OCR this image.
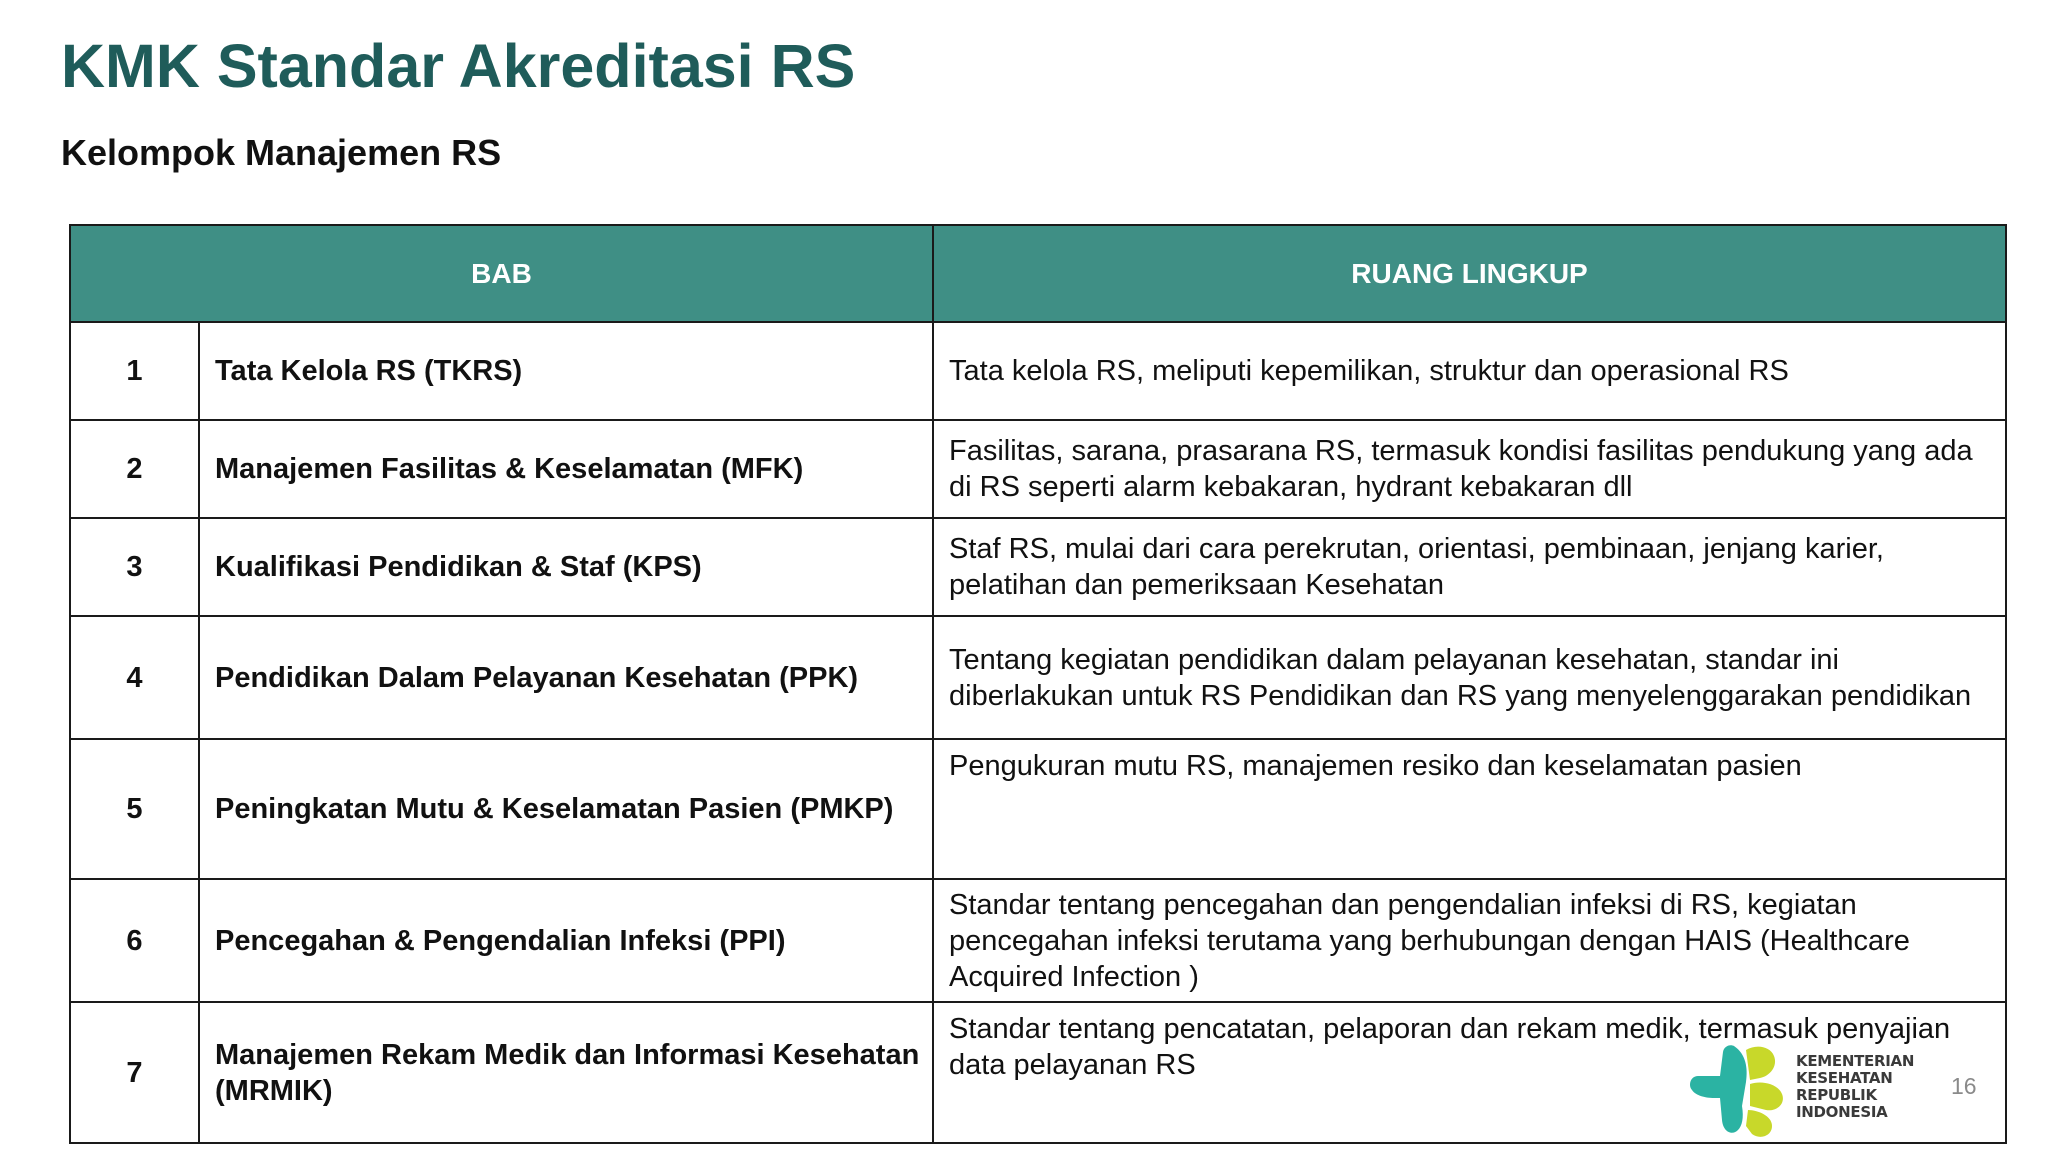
KMK Standar Akreditasi RS
Kelompok Manajemen RS
BAB		RUANG LINGKUP
1	Tata Kelola RS (TKRS)	Tata kelola RS, meliputi kepemilikan, struktur dan operasional RS
2	Manajemen Fasilitas & Keselamatan (MFK)	Fasilitas, sarana, prasarana RS, termasuk kondisi fasilitas pendukung yang ada di RS seperti alarm kebakaran, hydrant kebakaran dll
3	Kualifikasi Pendidikan & Staf (KPS)	Staf RS, mulai dari cara perekrutan, orientasi, pembinaan, jenjang karier, pelatihan dan pemeriksaan Kesehatan
4	Pendidikan Dalam Pelayanan Kesehatan (PPK)	Tentang kegiatan pendidikan dalam pelayanan kesehatan, standar ini diberlakukan untuk RS Pendidikan dan RS yang menyelenggarakan pendidikan
5	Peningkatan Mutu & Keselamatan Pasien (PMKP)	Pengukuran mutu RS, manajemen resiko dan keselamatan pasien
6	Pencegahan & Pengendalian Infeksi (PPI)	Standar tentang pencegahan dan pengendalian infeksi di RS, kegiatan pencegahan infeksi terutama yang berhubungan dengan HAIS (Healthcare Acquired Infection )
7	Manajemen Rekam Medik dan Informasi Kesehatan (MRMIK)	Standar tentang pencatatan, pelaporan dan rekam medik, termasuk penyajian data pelayanan RS	KEMENTERIAN
KESEHATAN
REPUBLIK
INDONESIA
16
